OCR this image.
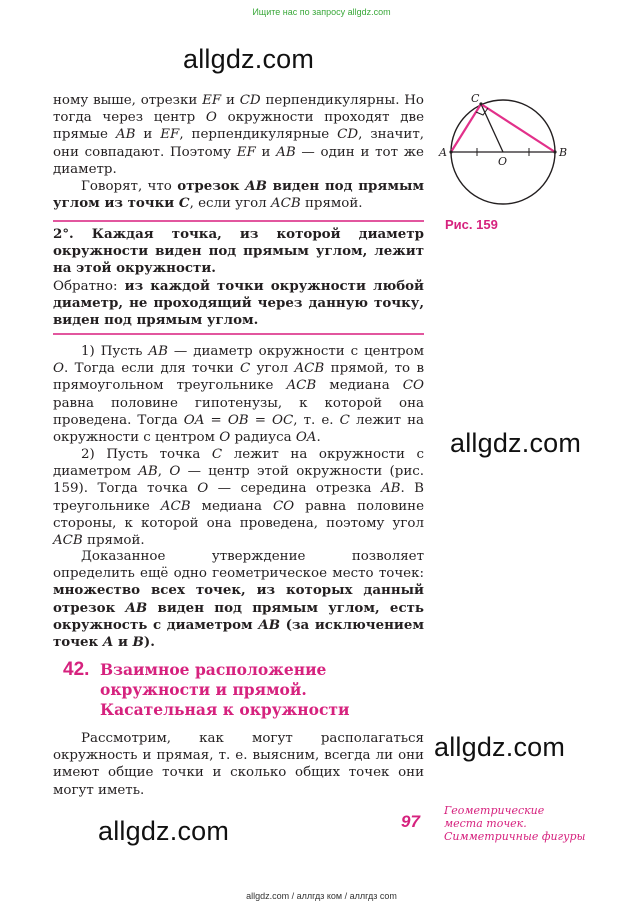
Ищите нас по запросу allgdz.com
allgdz.com

ному выше, отрезки EF и CD перпендикулярны. Но тогда через центр O окружности проходят две прямые AB и EF, перпендикулярные CD, значит, они совпадают. Поэтому EF и AB — один и тот же диаметр.

Говорят, что отрезок AB виден под прямым углом из точки C, если угол ACB прямой.

C
A	B
O
Рис. 159

2°. Каждая точка, из которой диаметр окружности виден под прямым углом, лежит на этой окружности.

Обратно: из каждой точки окружности любой диаметр, не проходящий через данную точку, виден под прямым углом.

1) Пусть AB — диаметр окружности с центром O. Тогда если для точки C угол ACB прямой, то в прямоугольном треугольнике ACB медиана CO равна половине гипотенузы, к которой она проведена. Тогда OA = OB = OC, т. е. C лежит на окружности с центром O радиуса OA.	allgdz.com

2) Пусть точка C лежит на окружности с диаметром AB, O — центр этой окружности (рис. 159). Тогда точка O — середина отрезка AB. В треугольнике ACB медиана CO равна половине стороны, к которой она проведена, поэтому угол ACB прямой.

Доказанное утверждение позволяет определить ещё одно геометрическое место точек: множество всех точек, из которых данный отрезок AB виден под прямым углом, есть окружность с диаметром AB (за исключением точек A и B).

42. Взаимное расположение
окружности и прямой.
Касательная к окружности

Рассмотрим, как могут располагаться окружность и прямая, т. е. выясним, всегда ли они имеют общие точки и сколько общих точек они могут иметь.

allgdz.com
allgdz.com	97
Геометрические
места точек.
Симметричные фигуры
allgdz.com / аллгдз ком / аллгдз com
